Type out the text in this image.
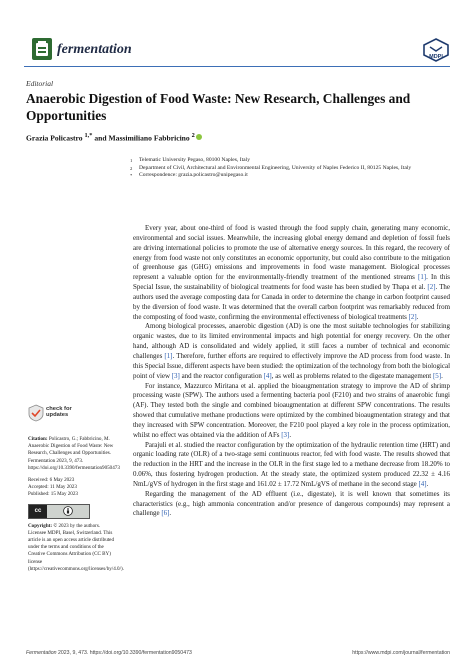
fermentation	MDPI
Editorial
Anaerobic Digestion of Food Waste: New Research, Challenges and Opportunities
Grazia Policastro $^{1,*}$ and Massimiliano Fabbricino $^2$
1	Telematic University Pegaso, 80100 Naples, Italy
2	Department of Civil, Architectural and Environmental Engineering, University of Naples Federico II, 80125 Naples, Italy
*	Correspondence: grazia.policastro@unipegaso.it
check for
updates

Citation: Policastro, G.; Fabbricino, M. Anaerobic Digestion of Food Waste: New Research, Challenges and Opportunities. Fermentation 2023, 9, 473. https://doi.org/10.3390/fermentation9050473

Received: 6 May 2023
Accepted: 11 May 2023
Published: 15 May 2023
cc

Copyright: © 2023 by the authors. Licensee MDPI, Basel, Switzerland. This article is an open access article distributed under the terms and conditions of the Creative Commons Attribution (CC BY) license (https://creativecommons.org/licenses/by/4.0/).

Every year, about one-third of food is wasted through the food supply chain, generating many economic, environmental and social issues. Meanwhile, the increasing global energy demand and depletion of fossil fuels are driving international policies to promote the use of alternative energy sources. In this regard, the recovery of energy from food waste not only constitutes an economic opportunity, but could also contribute to the mitigation of greenhouse gas (GHG) emissions and improvements in food waste management. Biological processes represent a valuable option for the environmentally-friendly treatment of the mentioned streams [1]. In this Special Issue, the sustainability of biological treatments for food waste has been studied by Thapa et al. [2]. The authors used the average composting data for Canada in order to determine the change in carbon footprint caused by the diversion of food waste. It was determined that the overall carbon footprint was remarkably reduced from the composting of food waste, confirming the environmental effectiveness of biological treatments [2].

Among biological processes, anaerobic digestion (AD) is one the most suitable technologies for stabilizing organic wastes, due to its limited environmental impacts and high potential for energy recovery. On the other hand, although AD is consolidated and widely applied, it still faces a number of technical and economic challenges [1]. Therefore, further efforts are required to effectively improve the AD process from food waste. In this Special Issue, different aspects have been studied: the optimization of the technology from both the biological point of view [3] and the reactor configuration [4], as well as problems related to the digestate management [5].

For instance, Mazzurco Miritana et al. applied the bioaugmentation strategy to improve the AD of shrimp processing waste (SPW). The authors used a fermenting bacteria pool (F210) and two strains of anaerobic fungi (AF). They tested both the single and combined bioaugmentation at different SPW concentrations. The results showed that cumulative methane productions were optimized by the combined bioaugmentation strategy and that they increased with SPW concentration. Moreover, the F210 pool played a key role in the process optimization, whilst no effect was obtained via the addition of AFs [3].

Parajuli et al. studied the reactor configuration by the optimization of the hydraulic retention time (HRT) and organic loading rate (OLR) of a two-stage semi continuous reactor, fed with food waste. The results showed that the reduction in the HRT and the increase in the OLR in the first stage led to a methane decrease from 18.20% to 0.06%, thus fostering hydrogen production. At the steady state, the optimized system produced 22.32 ± 4.16 NmL/gVS of hydrogen in the first stage and 161.02 ± 17.72 NmL/gVS of methane in the second stage [4].

Regarding the management of the AD effluent (i.e., digestate), it is well known that sometimes its characteristics (e.g., high ammonia concentration and/or presence of dangerous compounds) may represent a challenge [6].

Fermentation 2023, 9, 473. https://doi.org/10.3390/fermentation9050473	https://www.mdpi.com/journal/fermentation
